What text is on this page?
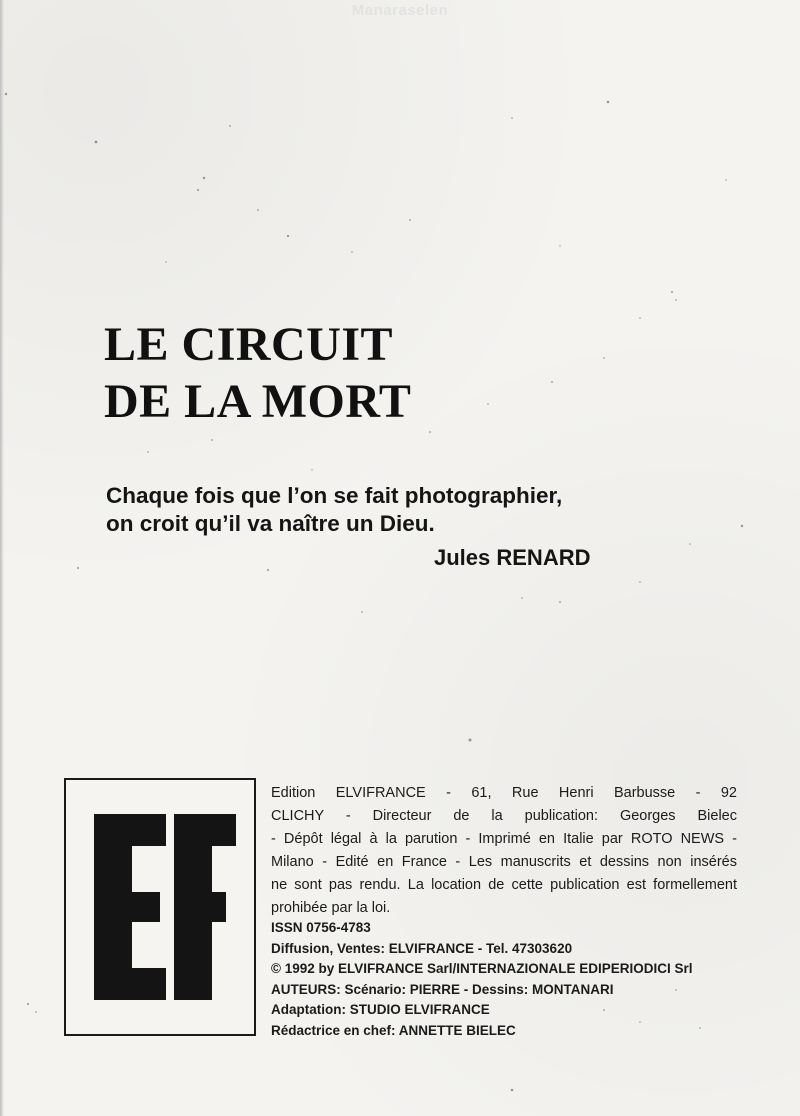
Manaraselen
LE CIRCUIT
DE LA MORT
Chaque fois que l’on se fait photographier,
on croit qu’il va naître un Dieu.
Jules RENARD
Edition ELVIFRANCE - 61, Rue Henri Barbusse - 92
CLICHY - Directeur de la publication: Georges Bielec
- Dépôt légal à la parution - Imprimé en Italie par ROTO NEWS -
Milano - Edité en France - Les manuscrits et dessins non insérés
ne sont pas rendu. La location de cette publication est formellement
prohibée par la loi.
ISSN 0756-4783
Diffusion, Ventes: ELVIFRANCE - Tel. 47303620
© 1992 by ELVIFRANCE Sarl/INTERNAZIONALE EDIPERIODICI Srl
AUTEURS: Scénario: PIERRE - Dessins: MONTANARI
Adaptation: STUDIO ELVIFRANCE
Rédactrice en chef: ANNETTE BIELEC
